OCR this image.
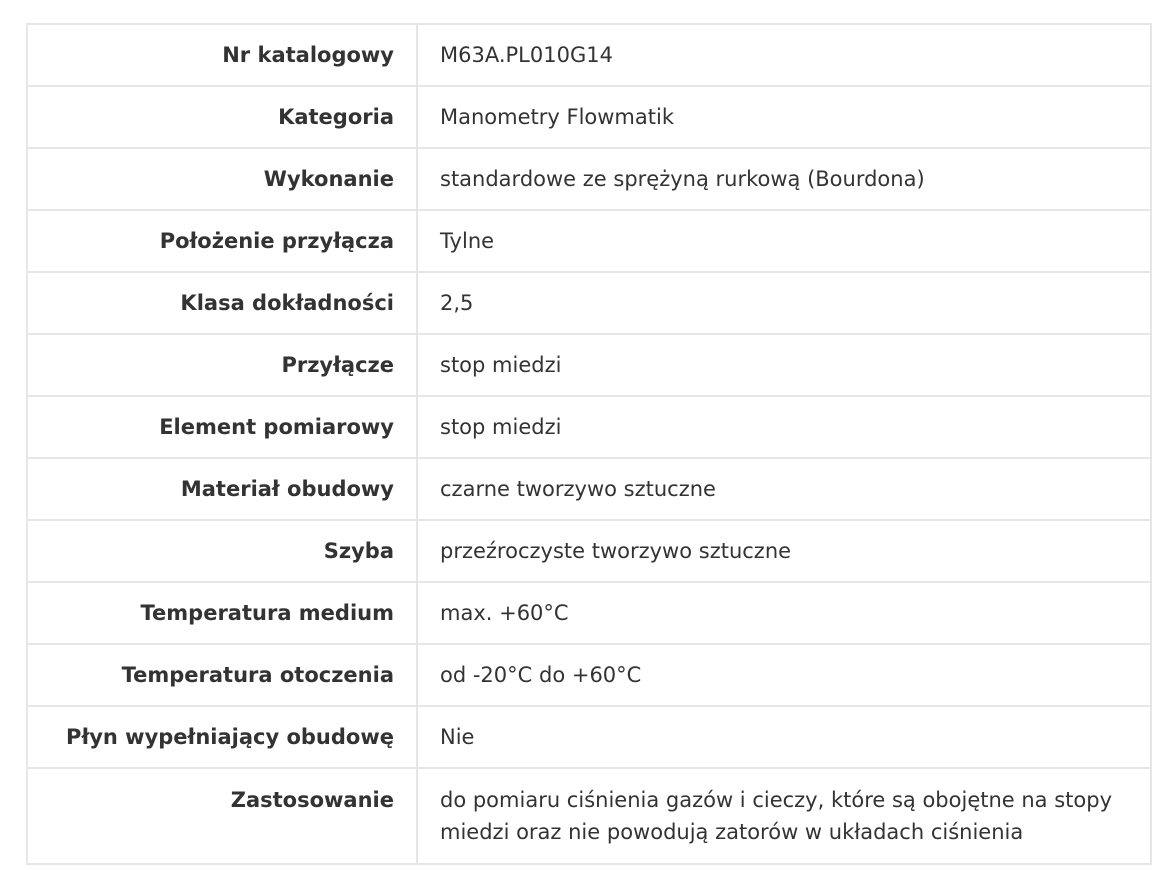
Nr katalogowy	M63A.PL010G14
Kategoria	Manometry Flowmatik
Wykonanie	standardowe ze sprężyną rurkową (Bourdona)
Położenie przyłącza	Tylne
Klasa dokładności	2,5
Przyłącze	stop miedzi
Element pomiarowy	stop miedzi
Materiał obudowy	czarne tworzywo sztuczne
Szyba	przeźroczyste tworzywo sztuczne
Temperatura medium	max. +60°C
Temperatura otoczenia	od -20°C do +60°C
Płyn wypełniający obudowę	Nie
Zastosowanie	do pomiaru ciśnienia gazów i cieczy, które są obojętne na stopy miedzi oraz nie powodują zatorów w układach ciśnienia
